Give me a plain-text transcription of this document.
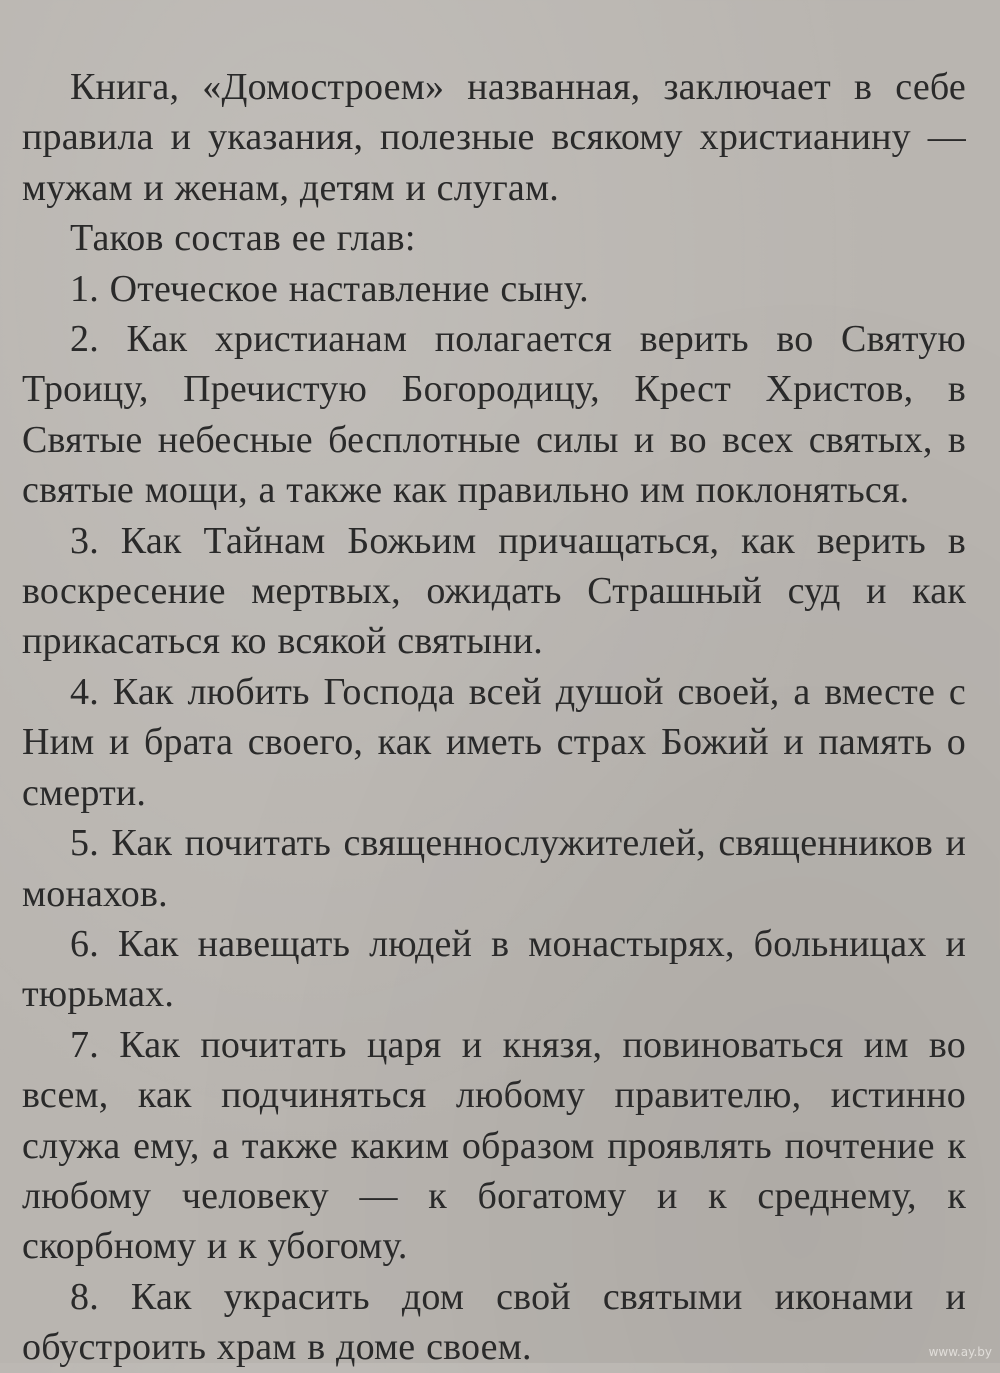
Книга, «Домостроем» названная, заключает в себе правила и указания, полезные всякому христианину — мужам и женам, детям и слугам.

Таков состав ее глав:

1. Отеческое наставление сыну.

2. Как христианам полагается верить во Святую Троицу, Пречистую Богородицу, Крест Христов, в Святые небесные бесплотные силы и во всех святых, в святые мощи, а также как правильно им поклоняться.

3. Как Тайнам Божьим причащаться, как верить в воскресение мертвых, ожидать Страшный суд и как прикасаться ко всякой святыни.

4. Как любить Господа всей душой своей, а вместе с Ним и брата своего, как иметь страх Божий и память о смерти.

5. Как почитать священнослужителей, священников и монахов.

6. Как навещать людей в монастырях, больницах и тюрьмах.

7. Как почитать царя и князя, повиноваться им во всем, как подчиняться любому правителю, истинно служа ему, а также каким образом проявлять почтение к любому человеку — к богатому и к среднему, к скорбному и к убогому.

8. Как украсить дом свой святыми иконами и обустроить храм в доме своем.	www.ay.by
